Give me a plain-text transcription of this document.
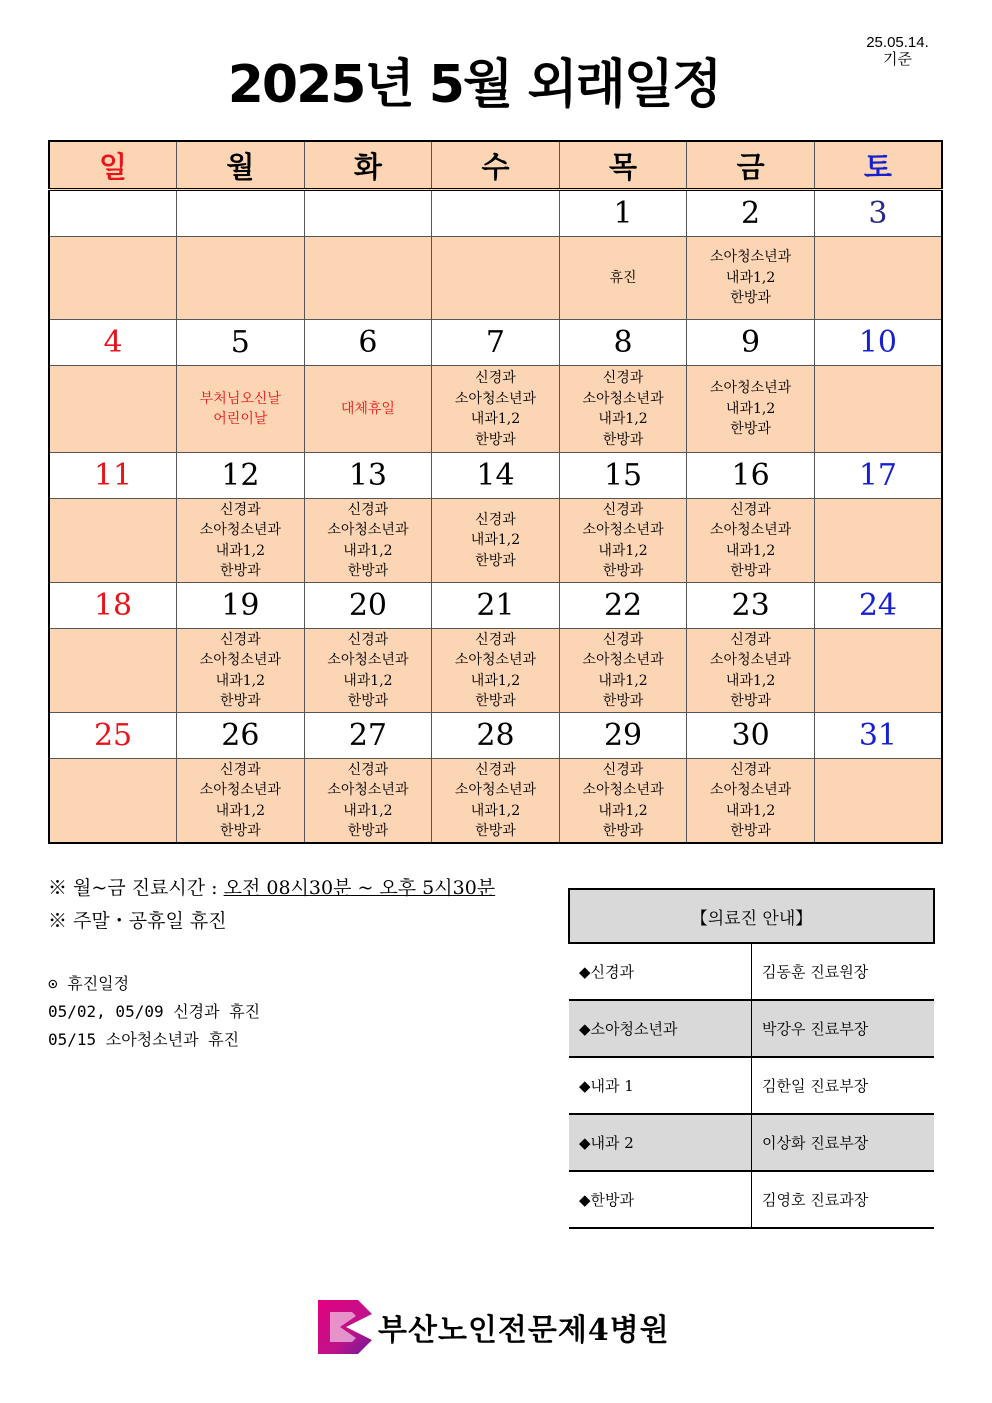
25.05.14.
기준
2025년 5월 외래일정
일	월	화	수	목	금	토
				1	2	3
				휴진	소아청소년과
내과1,2
한방과	
4	5	6	7	8	9	10
	부처님오신날
어린이날	대체휴일	신경과
소아청소년과
내과1,2
한방과	신경과
소아청소년과
내과1,2
한방과	소아청소년과
내과1,2
한방과	
11	12	13	14	15	16	17
	신경과
소아청소년과
내과1,2
한방과	신경과
소아청소년과
내과1,2
한방과	신경과
내과1,2
한방과	신경과
소아청소년과
내과1,2
한방과	신경과
소아청소년과
내과1,2
한방과	
18	19	20	21	22	23	24
	신경과
소아청소년과
내과1,2
한방과	신경과
소아청소년과
내과1,2
한방과	신경과
소아청소년과
내과1,2
한방과	신경과
소아청소년과
내과1,2
한방과	신경과
소아청소년과
내과1,2
한방과	
25	26	27	28	29	30	31
	신경과
소아청소년과
내과1,2
한방과	신경과
소아청소년과
내과1,2
한방과	신경과
소아청소년과
내과1,2
한방과	신경과
소아청소년과
내과1,2
한방과	신경과
소아청소년과
내과1,2
한방과	
※ 월~금 진료시간 : 오전 08시30분 ~ 오후 5시30분
※ 주말・공휴일 휴진
⊙ 휴진일정
05/02, 05/09 신경과 휴진
05/15 소아청소년과 휴진
【의료진 안내】	
◆신경과	김동훈 진료원장
◆소아청소년과	박강우 진료부장
◆내과 1	김한일 진료부장
◆내과 2	이상화 진료부장
◆한방과	김영호 진료과장
부산노인전문제4병원
